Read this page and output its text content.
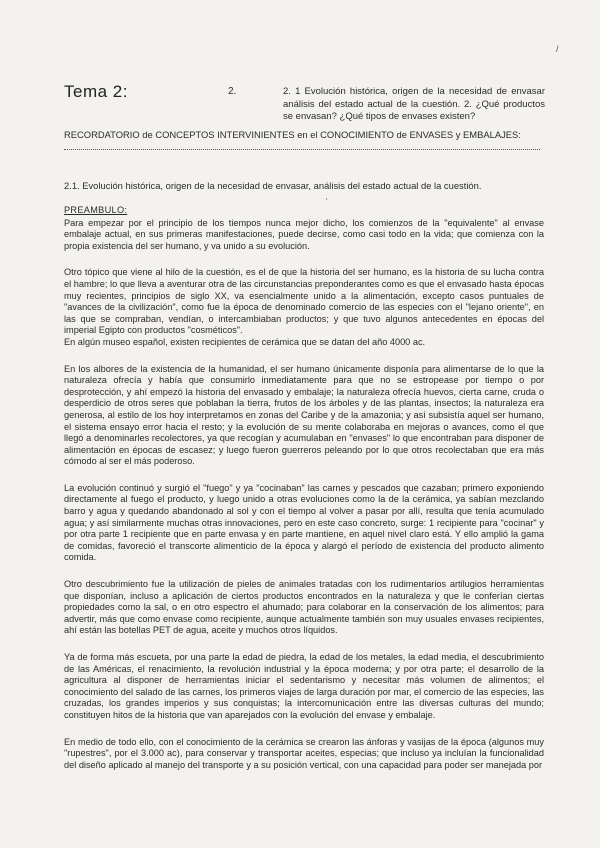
/
Tema 2:	2.	2. 1 Evolución histórica, origen de la necesidad de envasar análisis del estado actual de la cuestión. 2. ¿Qué productos se envasan? ¿Qué tipos de envases existen?
RECORDATORIO de CONCEPTOS INTERVINIENTES en el CONOCIMIENTO de ENVASES y EMBALAJES:
2.1. Evolución histórica, origen de la necesidad de envasar, análisis del estado actual de la cuestión.
'
PREAMBULO:

Para empezar por el principio de los tiempos nunca mejor dicho, los comienzos de la "equivalente" al envase embalaje actual, en sus primeras manifestaciones, puede decirse, como casi todo en la vida; que comienza con la propia existencia del ser humano, y va unido a su evolución.

Otro tópico que viene al hilo de la cuestión, es el de que la historia del ser humano, es la historia de su lucha contra el hambre; lo que lleva a aventurar otra de las circunstancias preponderantes como es que el envasado hasta épocas muy recientes, principios de siglo XX, va esencialmente unido a la alimentación, excepto casos puntuales de "avances de la civilización", como fue la época de denominado comercio de las especies con el "lejano oriente", en las que se compraban, vendían, o intercambiaban productos; y que tuvo algunos antecedentes en épocas del imperial Egipto con productos "cosméticos".

En algún museo español, existen recipientes de cerámica que se datan del año 4000 ac.

En los albores de la existencia de la humanidad, el ser humano únicamente disponía para alimentarse de lo que la naturaleza ofrecía y había que consumirlo inmediatamente para que no se estropease por tiempo o por desprotección, y ahí empezó la historia del envasado y embalaje; la naturaleza ofrecía huevos, cierta carne, cruda o desperdicio de otros seres que poblaban la tierra, frutos de los árboles y de las plantas, insectos; la naturaleza era generosa, al estilo de los hoy interpretamos en zonas del Caribe y de la amazonia; y así subsistía aquel ser humano, el sistema ensayo error hacia el resto; y la evolución de su mente colaboraba en mejoras o avances, como el que llegó a denominarles recolectores, ya que recogían y acumulaban en "envases" lo que encontraban para disponer de alimentación en épocas de escasez; y luego fueron guerreros peleando por lo que otros recolectaban que era más cómodo al ser el más poderoso.

La evolución continuó y surgió el "fuego" y ya "cocinaban" las carnes y pescados que cazaban; primero exponiendo directamente al fuego el producto, y luego unido a otras evoluciones como la de la cerámica, ya sabían mezclando barro y agua y quedando abandonado al sol y con el tiempo al volver a pasar por allí, resulta que tenía acumulado agua; y así similarmente muchas otras innovaciones, pero en este caso concreto, surge: 1 recipiente para "cocinar" y por otra parte 1 recipiente que en parte envasa y en parte mantiene, en aquel nivel claro está. Y ello amplió la gama de comidas, favoreció el transcorte alimenticio de la época y alargó el período de existencia del producto alimento comida.

Otro descubrimiento fue la utilización de pieles de animales tratadas con los rudimentarios artilugios herramientas que disponían, incluso a aplicación de ciertos productos encontrados en la naturaleza y que le conferían ciertas propiedades como la sal, o en otro espectro el ahumado; para colaborar en la conservación de los alimentos; para advertir, más que como envase como recipiente, aunque actualmente también son muy usuales envases recipientes, ahí están las botellas PET de agua, aceite y muchos otros líquidos.

Ya de forma más escueta, por una parte la edad de piedra, la edad de los metales, la edad media, el descubrimiento de las Américas, el renacimiento, la revolución industrial y la época moderna; y por otra parte; el desarrollo de la agricultura al disponer de herramientas iniciar el sedentarismo y necesitar más volumen de alimentos; el conocimiento del salado de las carnes, los primeros viajes de larga duración por mar, el comercio de las especies, las cruzadas, los grandes imperios y sus conquistas; la intercomunicación entre las diversas culturas del mundo; constituyen hitos de la historia que van aparejados con la evolución del envase y embalaje.

En medio de todo ello, con el conocimiento de la cerámica se crearon las ánforas y vasijas de la época (algunos muy "rupestres", por el 3.000 ac), para conservar y transportar aceites, especias; que incluso ya incluían la funcionalidad del diseño aplicado al manejo del transporte y a su posición vertical, con una capacidad para poder ser manejada por
